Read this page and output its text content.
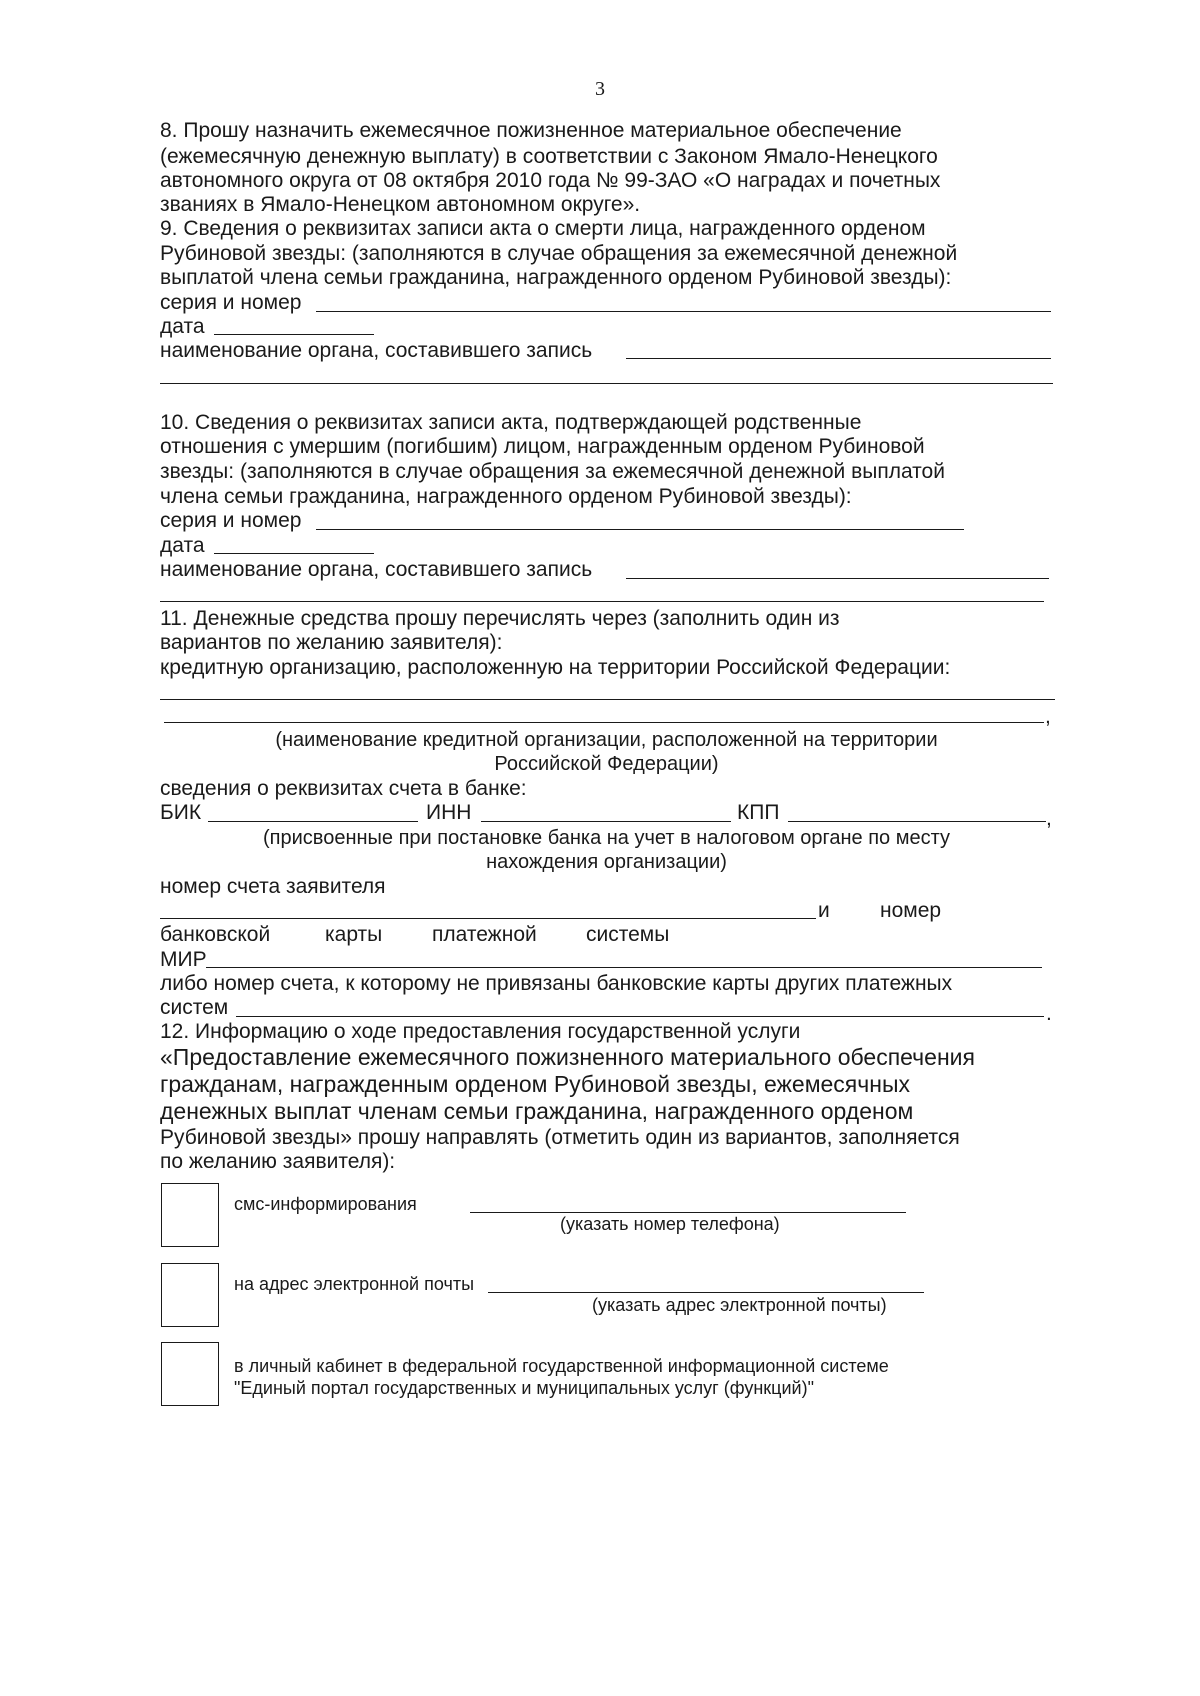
3
8. Прошу назначить ежемесячное пожизненное материальное обеспечение
(ежемесячную денежную выплату) в соответствии с Законом Ямало-Ненецкого
автономного округа от 08 октября 2010 года № 99-ЗАО «О наградах и почетных
званиях в Ямало-Ненецком автономном округе».
9. Сведения о реквизитах записи акта о смерти лица, награжденного орденом
Рубиновой звезды: (заполняются в случае обращения за ежемесячной денежной
выплатой члена семьи гражданина, награжденного орденом Рубиновой звезды):
серия и номер
дата
наименование органа, составившего запись
10. Сведения о реквизитах записи акта, подтверждающей родственные
отношения с умершим (погибшим) лицом, награжденным орденом Рубиновой
звезды: (заполняются в случае обращения за ежемесячной денежной выплатой
члена семьи гражданина, награжденного орденом Рубиновой звезды):
серия и номер
дата
наименование органа, составившего запись
11. Денежные средства прошу перечислять через (заполнить один из
вариантов по желанию заявителя):
кредитную организацию, расположенную на территории Российской Федерации:
,
(наименование кредитной организации, расположенной на территории
Российской Федерации)
сведения о реквизитах счета в банке:
БИК	ИНН	КПП	,
(присвоенные при постановке банка на учет в налоговом органе по месту
нахождения организации)
номер счета заявителя
и номер
банковской	карты платежной системы
МИР
либо номер счета, к которому не привязаны банковские карты других платежных
систем	.
12. Информацию о ходе предоставления государственной услуги
«Предоставление ежемесячного пожизненного материального обеспечения
гражданам, награжденным орденом Рубиновой звезды, ежемесячных
денежных выплат членам семьи гражданина, награжденного орденом
Рубиновой звезды» прошу направлять (отметить один из вариантов, заполняется
по желанию заявителя):
смс-информирования
(указать номер телефона)
на адрес электронной почты
(указать адрес электронной почты)
в личный кабинет в федеральной государственной информационной системе
"Единый портал государственных и муниципальных услуг (функций)"
